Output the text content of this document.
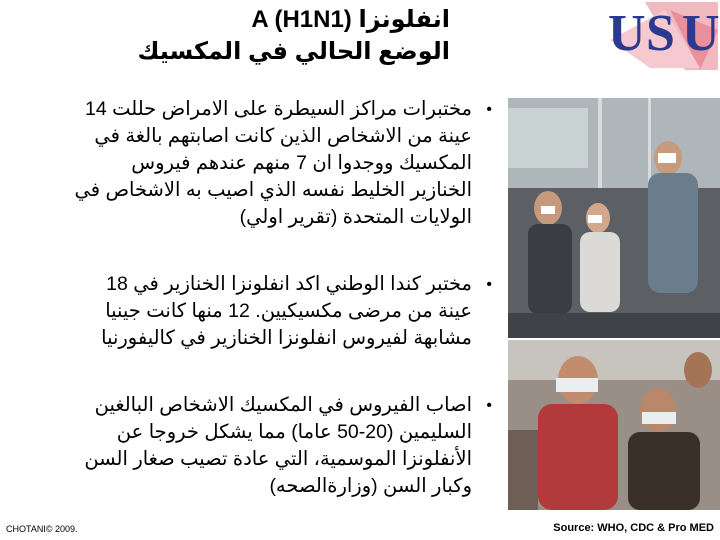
انفلونزا A (H1N1)
الوضع الحالي في المكسيك	U S U
•
مختبرات مراكز السيطرة على الامراض حللت 14
عينة من الاشخاص الذين كانت اصابتهم بالغة في
المكسيك ووجدوا ان 7 منهم عندهم فيروس
الخنازير الخليط نفسه الذي اصيب به الاشخاص في
الولايات المتحدة (تقرير اولي)
•
مختبر كندا الوطني اكد انفلونزا الخنازير في 18
عينة من مرضى مكسيكيين. 12 منها كانت جينيا
مشابهة لفيروس انفلونزا الخنازير في كاليفورنيا
•
اصاب الفيروس في المكسيك الاشخاص البالغين
السليمين (20-50 عاما) مما يشكل خروجا عن
الأنفلونزا الموسمية، التي عادة تصيب صغار السن
وكبار السن (وزارةالصحه)
CHOTANI© 2009.	Source: WHO, CDC & Pro MED
